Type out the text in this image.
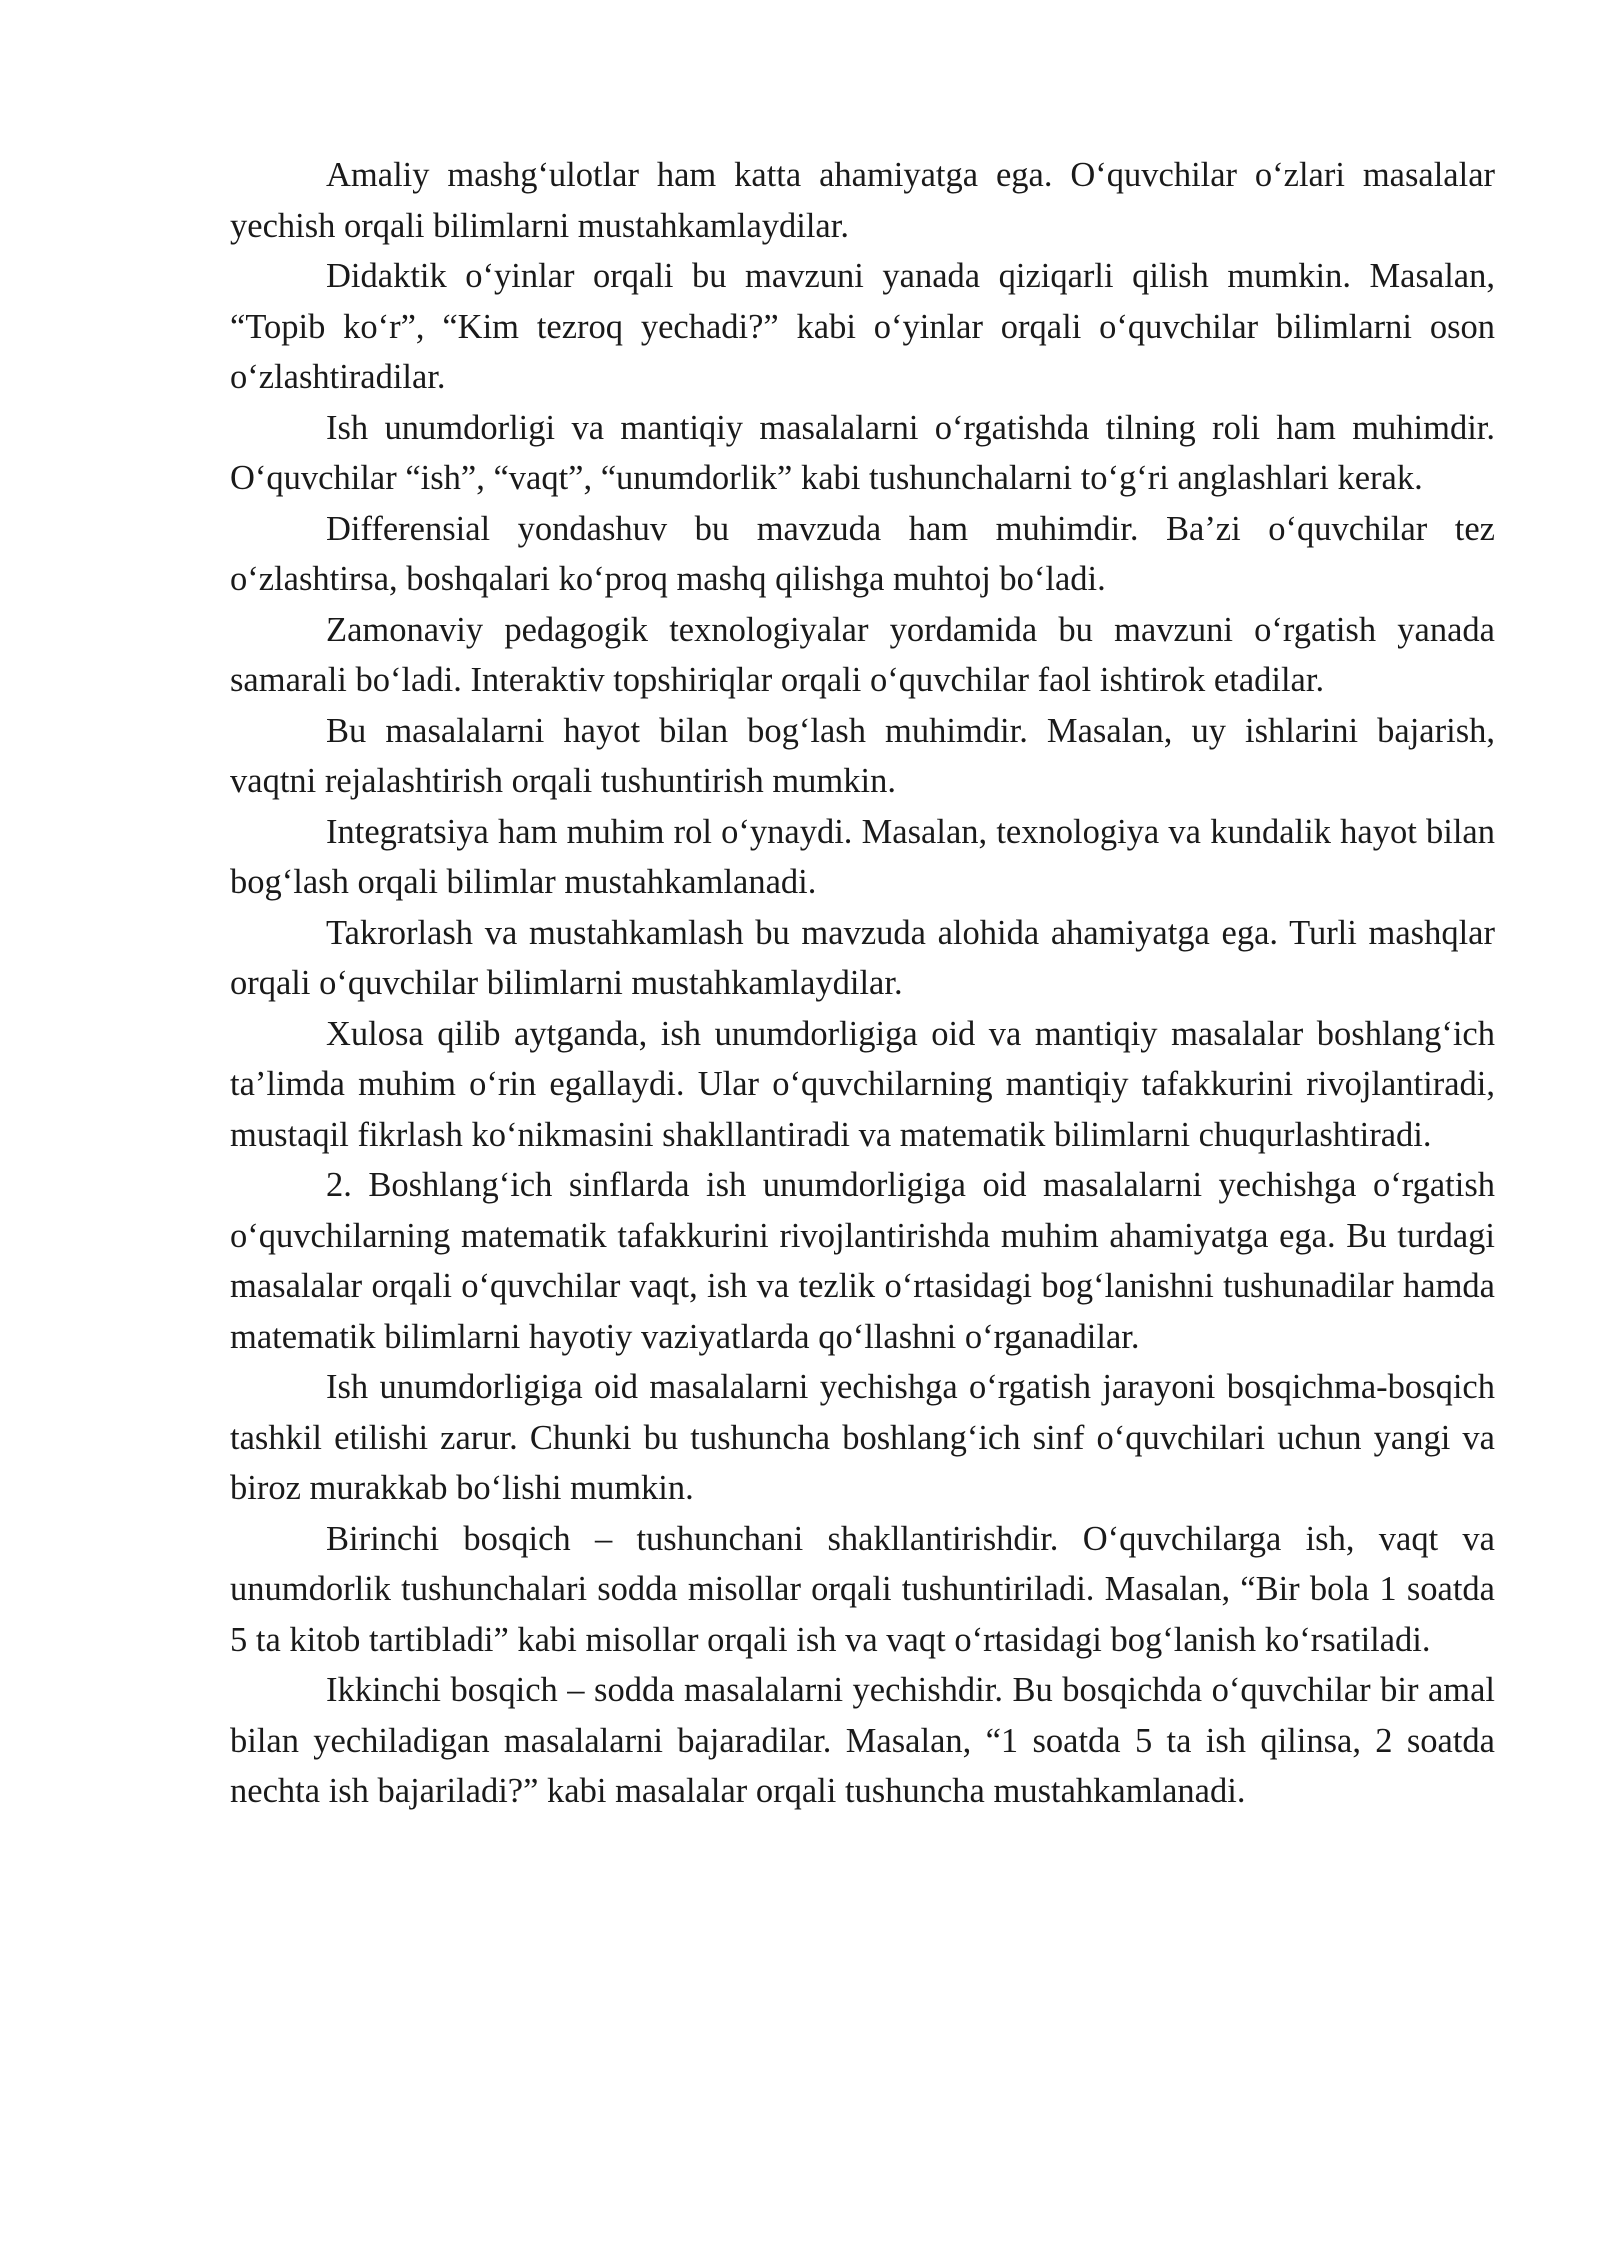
Amaliy mashg‘ulotlar ham katta ahamiyatga ega. O‘quvchilar o‘zlari masalalar yechish orqali bilimlarni mustahkamlaydilar.

Didaktik o‘yinlar orqali bu mavzuni yanada qiziqarli qilish mumkin. Masalan, “Topib ko‘r”, “Kim tezroq yechadi?” kabi o‘yinlar orqali o‘quvchilar bilimlarni oson o‘zlashtiradilar.

Ish unumdorligi va mantiqiy masalalarni o‘rgatishda tilning roli ham muhimdir. O‘quvchilar “ish”, “vaqt”, “unumdorlik” kabi tushunchalarni to‘g‘ri anglashlari kerak.

Differensial yondashuv bu mavzuda ham muhimdir. Ba’zi o‘quvchilar tez o‘zlashtirsa, boshqalari ko‘proq mashq qilishga muhtoj bo‘ladi.

Zamonaviy pedagogik texnologiyalar yordamida bu mavzuni o‘rgatish yanada samarali bo‘ladi. Interaktiv topshiriqlar orqali o‘quvchilar faol ishtirok etadilar.

Bu masalalarni hayot bilan bog‘lash muhimdir. Masalan, uy ishlarini bajarish, vaqtni rejalashtirish orqali tushuntirish mumkin.

Integratsiya ham muhim rol o‘ynaydi. Masalan, texnologiya va kundalik hayot bilan bog‘lash orqali bilimlar mustahkamlanadi.

Takrorlash va mustahkamlash bu mavzuda alohida ahamiyatga ega. Turli mashqlar orqali o‘quvchilar bilimlarni mustahkamlaydilar.

Xulosa qilib aytganda, ish unumdorligiga oid va mantiqiy masalalar boshlang‘ich ta’limda muhim o‘rin egallaydi. Ular o‘quvchilarning mantiqiy tafakkurini rivojlantiradi, mustaqil fikrlash ko‘nikmasini shakllantiradi va matematik bilimlarni chuqurlashtiradi.

2. Boshlang‘ich sinflarda ish unumdorligiga oid masalalarni yechishga o‘rgatish o‘quvchilarning matematik tafakkurini rivojlantirishda muhim ahamiyatga ega. Bu turdagi masalalar orqali o‘quvchilar vaqt, ish va tezlik o‘rtasidagi bog‘lanishni tushunadilar hamda matematik bilimlarni hayotiy vaziyatlarda qo‘llashni o‘rganadilar.

Ish unumdorligiga oid masalalarni yechishga o‘rgatish jarayoni bosqichma-bosqich tashkil etilishi zarur. Chunki bu tushuncha boshlang‘ich sinf o‘quvchilari uchun yangi va biroz murakkab bo‘lishi mumkin.

Birinchi bosqich – tushunchani shakllantirishdir. O‘quvchilarga ish, vaqt va unumdorlik tushunchalari sodda misollar orqali tushuntiriladi. Masalan, “Bir bola 1 soatda 5 ta kitob tartibladi” kabi misollar orqali ish va vaqt o‘rtasidagi bog‘lanish ko‘rsatiladi.

Ikkinchi bosqich – sodda masalalarni yechishdir. Bu bosqichda o‘quvchilar bir amal bilan yechiladigan masalalarni bajaradilar. Masalan, “1 soatda 5 ta ish qilinsa, 2 soatda nechta ish bajariladi?” kabi masalalar orqali tushuncha mustahkamlanadi.
